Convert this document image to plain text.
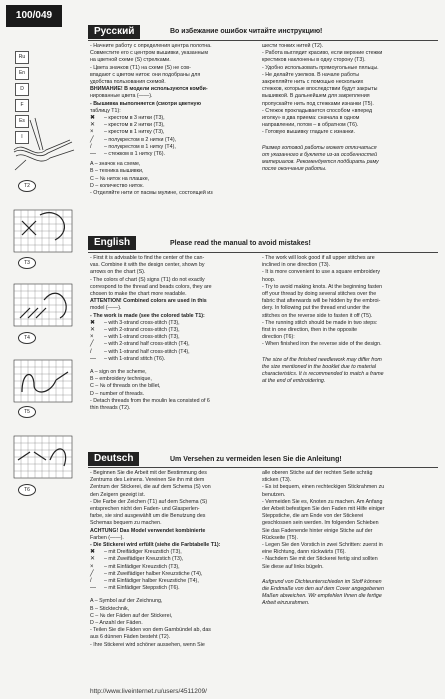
100/049
Ru
En
D
F
Es
I
T2
T3
T4
T5
T6
Русский	Во избежание ошибок читайте инструкцию!

- Начните работу с определения центра полотна.

Совместите его с центром вышивки, указанным

на цветной схеме (S) стрелками.

- Цвета значков (T1) на схеме (S) не сов-

впадают с цветом ниток: они подобраны для

удобства пользования схемой.

ВНИМАНИЕ! В модели используются комби-

нированные цвета (——).

- Вышивка выполняется (смотри цветную

таблицу Т1):

✖	– крестом в 3 нитки (Т3),
✕	– крестом в 2 нитки (Т3),
×	– крестом в 1 нитку (Т3),
╱	– полукрестом в 2 нитки (Т4),
/	– полукрестом в 1 нитку (Т4),
—	– стежком в 1 нитку (Т6).

A – значок на схеме,

B – техника вышивки,

C – № ниток на плашке,

D – количество ниток.

- Отделяйте нити от пасмы мулине, состоящей из

шести тонких нитей (Т2).

- Работа выглядит красиво, если верхние стежки

крестиков наклонены в одну сторону (Т3).

- Удобно использовать прямоугольные пяльцы.

- Не делайте узелков. В начале работы

закрепляйте нить с помощью нескольких

стежков, которые впоследствии будут закрыты

вышивкой. В дальнейшем для закрепления

пропускайте нить под стежками изнанки (Т5).

- Стежок прокладывается способом «вперед

иголку» в два приема: сначала в одном

направлении, потом – в обратном (Т6).

- Готовую вышивку гладьте с изнанки.

Размер готовой работы может отличаться

от указанного в буклете из-за особенностей

материалов. Рекомендуется подбирать раму

после окончания работы.

English	Please read the manual to avoid mistakes!

- First it is advisable to find the center of the can-

vas. Combine it with the design center, shown by

arrows on the chart (S).

- The colors of chart (S) signs (T1) do not exactly

correspond to the thread and beads colors, they are

chosen to make the chart more readable.

ATTENTION! Combined colors are used in this

model (——).

- The work is made (see the colored table T1):

✖	– with 3-strand cross-stitch (T3),
✕	– with 2-strand cross-stitch (T3),
×	– with 1-strand cross-stitch (T3),
╱	– with 2-strand half cross-stitch (T4),
/	– with 1-strand half cross-stitch (T4),
—	– with 1-strand stitch (T6).

A – sign on the scheme,

B – embroidery technique,

C – № of threads on the billet,

D – number of threads.

- Detach threads from the moulin lea consisted of 6

thin threads (T2).

- The work will look good if all upper stitches are

inclined in one direction (T3).

- It is more convenient to use a square embroidery

hoop.

- Try to avoid making knots. At the beginning fasten

off your thread by doing several stitches over the

fabric that afterwards will be hidden by the embroi-

dery. In following put the thread end under the

stitches on the reverse side to fasten it off (T5).

- The running stitch should be made in two steps:

first in one direction, then in the opposite

direction (T6):

- When finished iron the reverse side of the design.

The size of the finished needlework may differ from

the size mentioned in the booklet due to material

characteristics. It is recommended to match a frame

at the end of embroidering.

Deutsch	Um Versehen zu vermeiden lesen Sie die Anleitung!

- Beginnen Sie die Arbeit mit der Bestimmung des

Zentrums des Leinens. Vereinen Sie ihn mit dem

Zentrum der Stickerei, die auf dem Schema (S) von

den Zeigern gezeigt ist.

- Die Farbe der Zeichen (T1) auf dem Schema (S)

entsprechen nicht den Faden- und Glasperlen-

farbe, sie sind ausgewählt um die Benutzung des

Schemas bequem zu machen.

ACHTUNG! Das Model verwendet kombinierte

Farben (——).

- Die Stickerei wird erfüllt (siehe die Farbtabelle T1):

✖	– mit Dreifädiger Kreuzstich (T3),
✕	– mit Zweifädiger Kreuzstich (T3),
×	– mit Einfädiger Kreuzstich (T3),
╱	– mit Zweifädiger halber Kreuzstiche (T4),
/	– mit Einfädiger halber Kreuzstiche (T4),
—	– mit Einfädiger Steppstich (T6).

A – Symbol auf der Zeichnung,

B – Sticktechnik,

C – № der Fäden auf der Stickerei,

D – Anzahl der Fäden.

- Teilen Sie die Fäden von dem Garnbündel ab, das

aus 6 dünnen Fäden besteht (T2).

- Ihre Stickerei wird schöner aussehen, wenn Sie

alle oberen Stiche auf der rechten Seite schräg

sticken (T3).

- Es ist bequem, einen rechteckigen Stickrahmen zu

benutzen.

- Vermeiden Sie es, Knoten zu machen. Am Anfang

der Arbeit befestigen Sie den Faden mit Hilfe einiger

Steppstiche, die am Ende von der Stickerei

geschlossen sein werden. Im folgenden Schieben

Sie das Fadenende hinter einige Stiche auf der

Rückseite (T5).

- Legen Sie den Vorstich in zwei Schritten: zuerst in

eine Richtung, dann rückwärts (T6).

- Nachdem Sie mit der Stickerei fertig sind sollten

Sie diese auf links bügeln.

Aufgrund von Dichteunterschieden im Stoff können

die Endmaße von den auf dem Cover angegebenen

Maßen abweichen. Wir empfehlen Ihnen die fertige

Arbeit einzurahmen.

http://www.liveinternet.ru/users/4511209/
